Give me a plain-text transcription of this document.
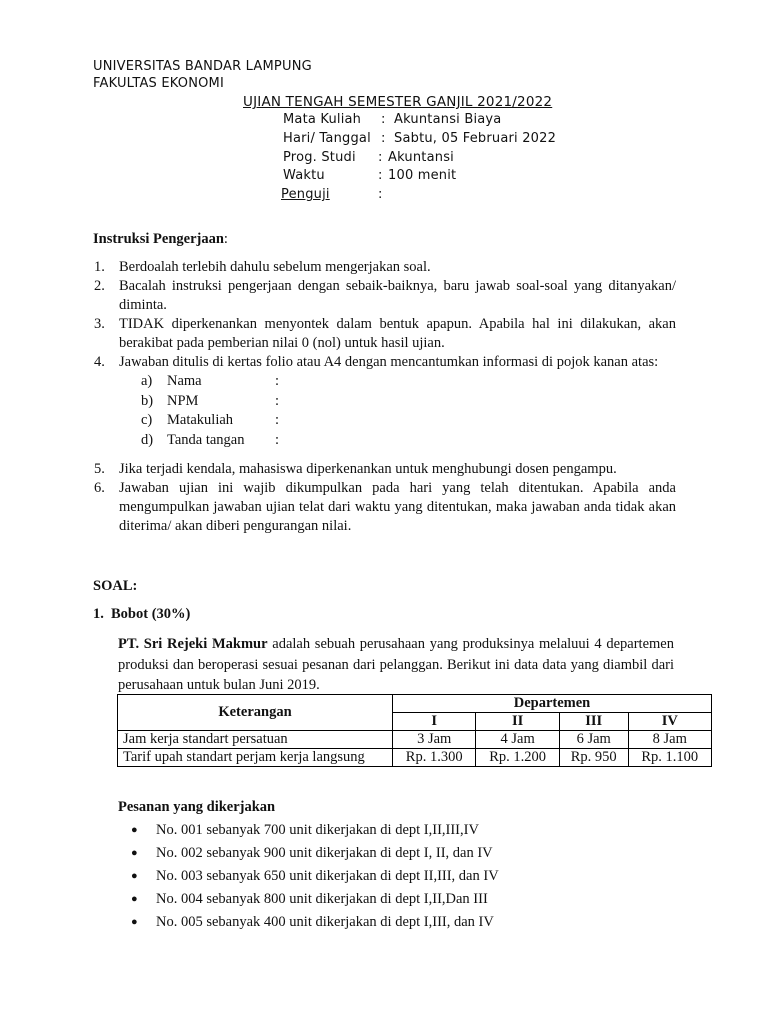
UNIVERSITAS BANDAR LAMPUNG
FAKULTAS EKONOMI
UJIAN TENGAH SEMESTER GANJIL 2021/2022
Mata Kuliah : Akuntansi Biaya
Hari/ Tanggal : Sabtu, 05 Februari 2022
Prog. Studi : Akuntansi
Waktu	: 100 menit
Penguji	:
Instruksi Pengerjaan:
1. Berdoalah terlebih dahulu sebelum mengerjakan soal.
2. Bacalah instruksi pengerjaan dengan sebaik-baiknya, baru jawab soal-soal yang ditanyakan/ diminta.
3. TIDAK diperkenankan menyontek dalam bentuk apapun. Apabila hal ini dilakukan, akan berakibat pada pemberian nilai 0 (nol) untuk hasil ujian.
4. Jawaban ditulis di kertas folio atau A4 dengan mencantumkan informasi di pojok kanan atas:
a) Nama	:
b) NPM	:
c) Matakuliah	:
d) Tanda tangan :
5. Jika terjadi kendala, mahasiswa diperkenankan untuk menghubungi dosen pengampu.
6. Jawaban ujian ini wajib dikumpulkan pada hari yang telah ditentukan. Apabila anda mengumpulkan jawaban ujian telat dari waktu yang ditentukan, maka jawaban anda tidak akan diterima/ akan diberi pengurangan nilai.
SOAL:
1. Bobot (30%)
PT. Sri Rejeki Makmur adalah sebuah perusahaan yang produksinya melaluui 4 departemen produksi dan beroperasi sesuai pesanan dari pelanggan. Berikut ini data data yang diambil dari perusahaan untuk bulan Juni 2019.
Keterangan	Departemen			
	I	II	III	IV
Jam kerja standart persatuan	3 Jam	4 Jam	6 Jam	8 Jam
Tarif upah standart perjam kerja langsung	Rp. 1.300	Rp. 1.200	Rp. 950	Rp. 1.100
Pesanan yang dikerjakan
● No. 001 sebanyak 700 unit dikerjakan di dept I,II,III,IV
● No. 002 sebanyak 900 unit dikerjakan di dept I, II, dan IV
● No. 003 sebanyak 650 unit dikerjakan di dept II,III, dan IV
● No. 004 sebanyak 800 unit dikerjakan di dept I,II,Dan III
● No. 005 sebanyak 400 unit dikerjakan di dept I,III, dan IV
